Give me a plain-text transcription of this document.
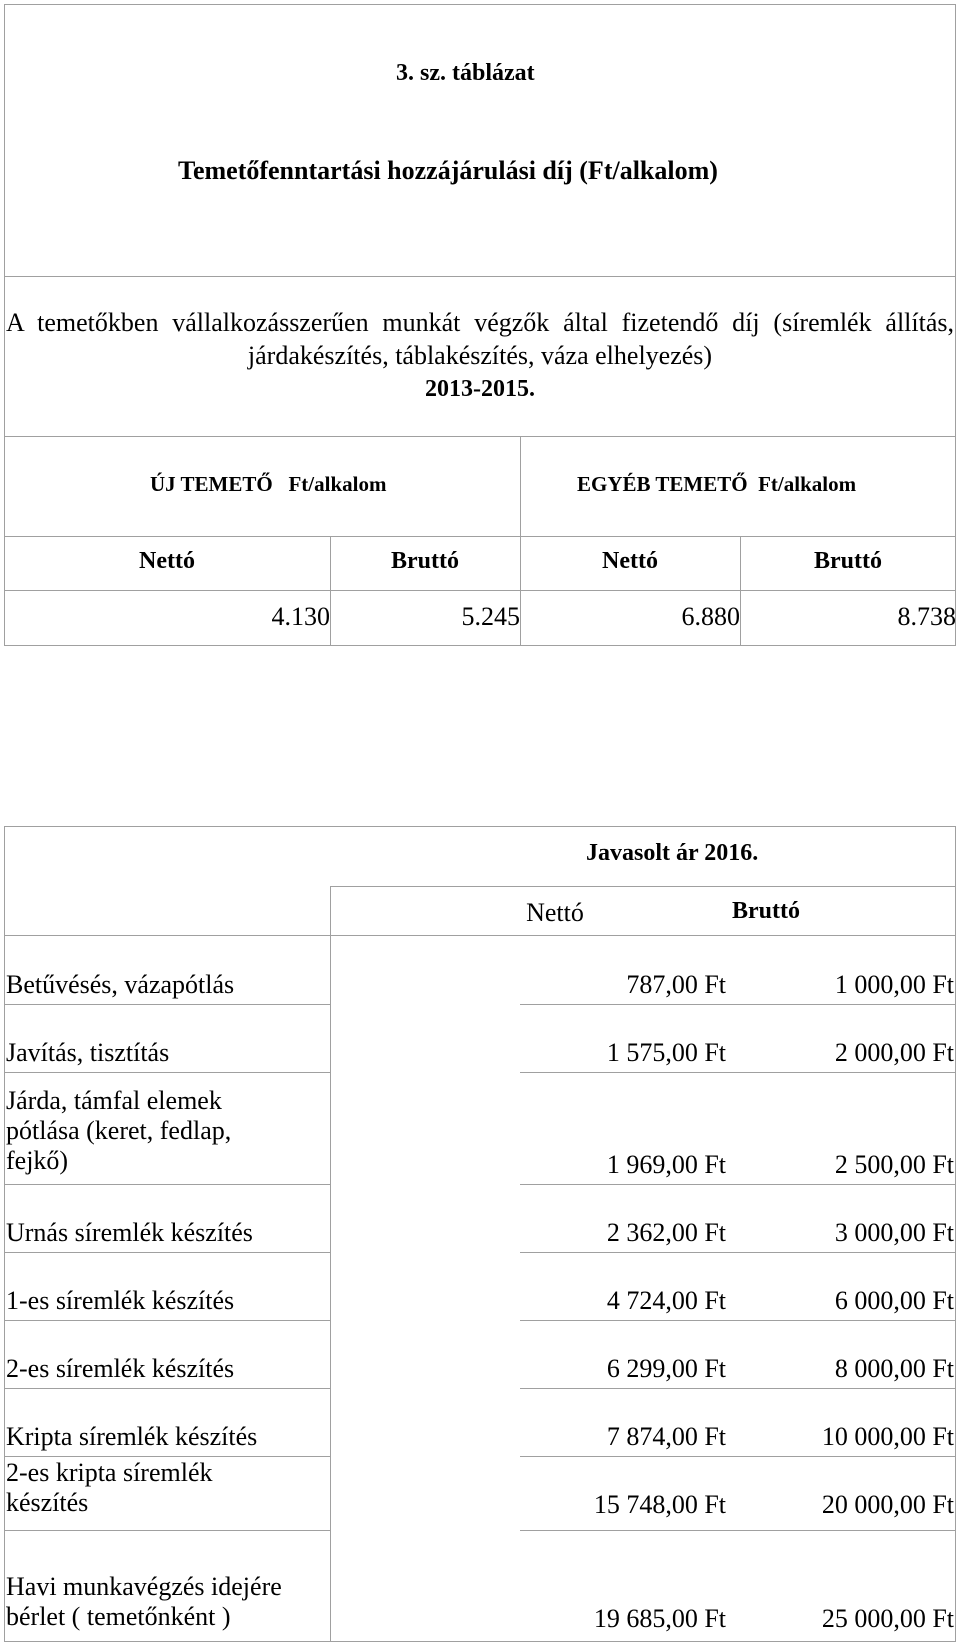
3. sz. táblázat
Temetőfenntartási hozzájárulási díj (Ft/alkalom)
A temetőkben vállalkozásszerűen munkát végzők által fizetendő díj (síremlék állítás, járdakészítés, táblakészítés, váza elhelyezés)
2013-2015.
ÚJ TEMETŐ   Ft/alkalom	EGYÉB TEMETŐ  Ft/alkalom
Nettó	Bruttó	Nettó	Bruttó
4.130	5.245	6.880	8.738
Javasolt ár 2016.
Nettó	Bruttó
Betűvésés, vázapótlás	787,00 Ft	1 000,00 Ft
Javítás, tisztítás	1 575,00 Ft	2 000,00 Ft
Járda, támfal elemek
pótlása (keret, fedlap,
fejkő)	1 969,00 Ft	2 500,00 Ft
Urnás síremlék készítés	2 362,00 Ft	3 000,00 Ft
1-es síremlék készítés	4 724,00 Ft	6 000,00 Ft
2-es síremlék készítés	6 299,00 Ft	8 000,00 Ft
Kripta síremlék készítés	7 874,00 Ft	10 000,00 Ft
2-es kripta síremlék
készítés	15 748,00 Ft	20 000,00 Ft
Havi munkavégzés idejére
bérlet ( temetőnként )	19 685,00 Ft	25 000,00 Ft
